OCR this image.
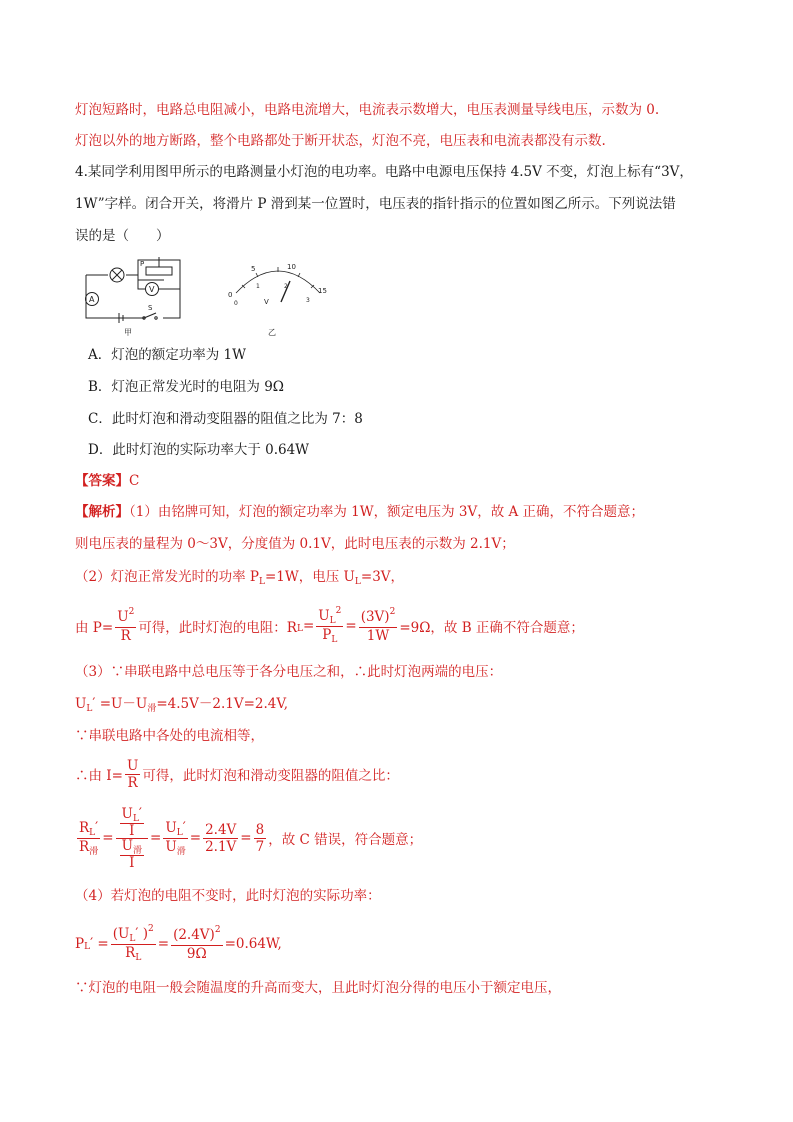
灯泡短路时，电路总电阻减小，电路电流增大，电流表示数增大，电压表测量导线电压，示数为 0.
灯泡以外的地方断路，整个电路都处于断开状态，灯泡不亮，电压表和电流表都没有示数.
4.某同学利用图甲所示的电路测量小灯泡的电功率。电路中电源电压保持 4.5V 不变，灯泡上标有“3V，
1W”字样。闭合开关，将滑片 P 滑到某一位置时，电压表的指针指示的位置如图乙所示。下列说法错
误的是（　　）
A
V
P
S
甲
0
5	10
15
0
1	2
3
V
乙
A．灯泡的额定功率为 1W
B．灯泡正常发光时的电阻为 9Ω
C．此时灯泡和滑动变阻器的阻值之比为 7：8
D．此时灯泡的实际功率大于 0.64W
【答案】C
【解析】（1）由铭牌可知，灯泡的额定功率为 1W，额定电压为 3V，故 A 正确，不符合题意；
则电压表的量程为 0～3V，分度值为 0.1V，此时电压表的示数为 2.1V；
（2）灯泡正常发光时的功率 $P_L=1W$，电压 $U_L=3V$，
由 $P= \frac{U^2}{R}$ 可得，此时灯泡的电阻：R $L = \frac{U_L^2}{P_L} = \frac{(3V)^2}{1W} =9\Omega$，故 B 正确不符合题意；
（3）∵串联电路中总电压等于各分电压之和，∴此时灯泡两端的电压：
$U_L' =U-U_滑=4.5V-2.1V=2.4V$,
∵串联电路中各处的电流相等，
∴由 $I= \frac{U}{R}$ 可得，此时灯泡和滑动变阻器的阻值之比：
$\frac{R_L'}{R_滑} = \frac{\frac{U_L'}{I}}{\frac{U_滑}{I}} = \frac{U_L'}{U_滑} = \frac{2.4V}{2.1V} = \frac{8}{7}$ ，故 C 错误，符合题意；
（4）若灯泡的电阻不变时，此时灯泡的实际功率：
P L ′ = $\frac{(U_L' )^2}{R_L} = \frac{(2.4V)^2}{9\Omega} =0.64W$,
∵灯泡的电阻一般会随温度的升高而变大，且此时灯泡分得的电压小于额定电压，
